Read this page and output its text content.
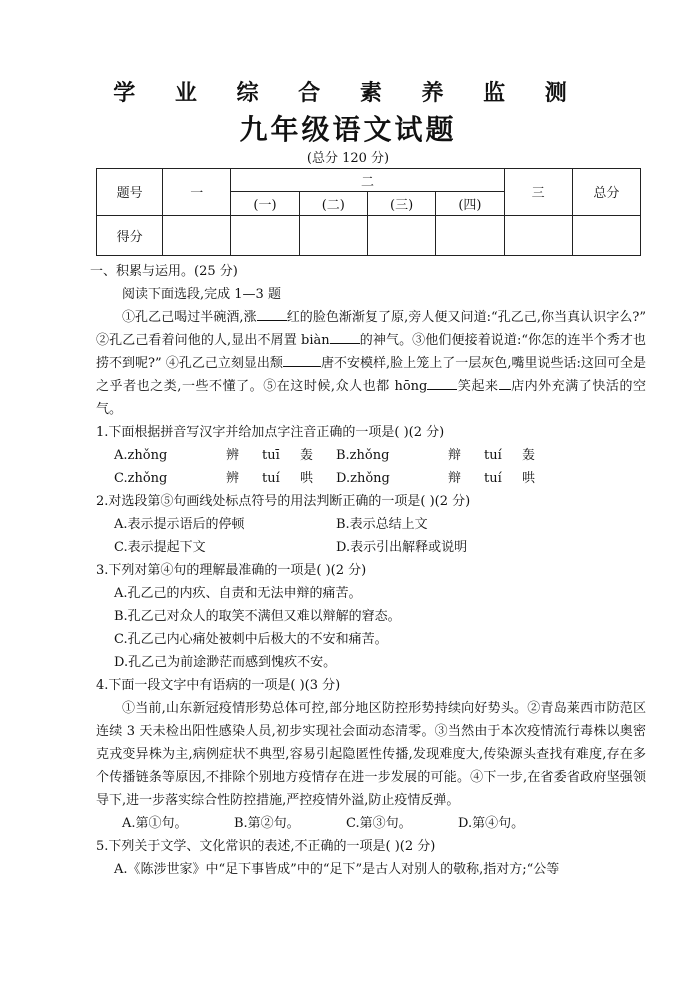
学 业 综 合 素 养 监 测
九年级语文试题
(总分 120 分)
题号	一	二				三	总分
		(一)	(二)	(三)	(四)		
得分							

一、积累与运用。(25 分)

阅读下面选段,完成 1—3 题

①孔乙己喝过半碗酒,涨 红的脸色渐渐复了原,旁人便又问道:“孔乙己,你当真认识字么?” ②孔乙己看着问他的人,显出不屑置 biàn 的神气。③他们便接着说道:“你怎的连半个秀才也捞不到呢?” ④孔乙己立刻显出颓	唐不安模样,脸上笼上了一层灰色,嘴里说些话:这回可全是之乎者也之类,一些不懂了。⑤在这时候,众人也都 hōng 笑起来 店内外充满了快活的空气。

1.下面根据拼音写汉字并给加点字注音正确的一项是( )(2 分)

A.zhǒng	辨	tuī	轰	B.zhǒng	辩	tuí	轰
C.zhǒng	辨	tuí	哄	D.zhǒng	辩	tuí	哄

2.对选段第⑤句画线处标点符号的用法判断正确的一项是( )(2 分)

A.表示提示语后的停顿	B.表示总结上文
C.表示提起下文	D.表示引出解释或说明

3.下列对第④句的理解最准确的一项是( )(2 分)

A.孔乙己的内疚、自责和无法申辩的痛苦。

B.孔乙己对众人的取笑不满但又难以辩解的窘态。

C.孔乙己内心痛处被刺中后极大的不安和痛苦。

D.孔乙己为前途渺茫而感到愧疚不安。

4.下面一段文字中有语病的一项是( )(3 分)

①当前,山东新冠疫情形势总体可控,部分地区防控形势持续向好势头。②青岛莱西市防范区连续 3 天未检出阳性感染人员,初步实现社会面动态清零。③当然由于本次疫情流行毒株以奥密克戎变异株为主,病例症状不典型,容易引起隐匿性传播,发现难度大,传染源头查找有难度,存在多个传播链条等原因,不排除个别地方疫情存在进一步发展的可能。④下一步,在省委省政府坚强领导下,进一步落实综合性防控措施,严控疫情外溢,防止疫情反弹。

A.第①句。	B.第②句。	C.第③句。	D.第④句。

5.下列关于文学、文化常识的表述,不正确的一项是( )(2 分)

A.《陈涉世家》中“足下事皆成”中的“足下”是古人对别人的敬称,指对方;“公等
